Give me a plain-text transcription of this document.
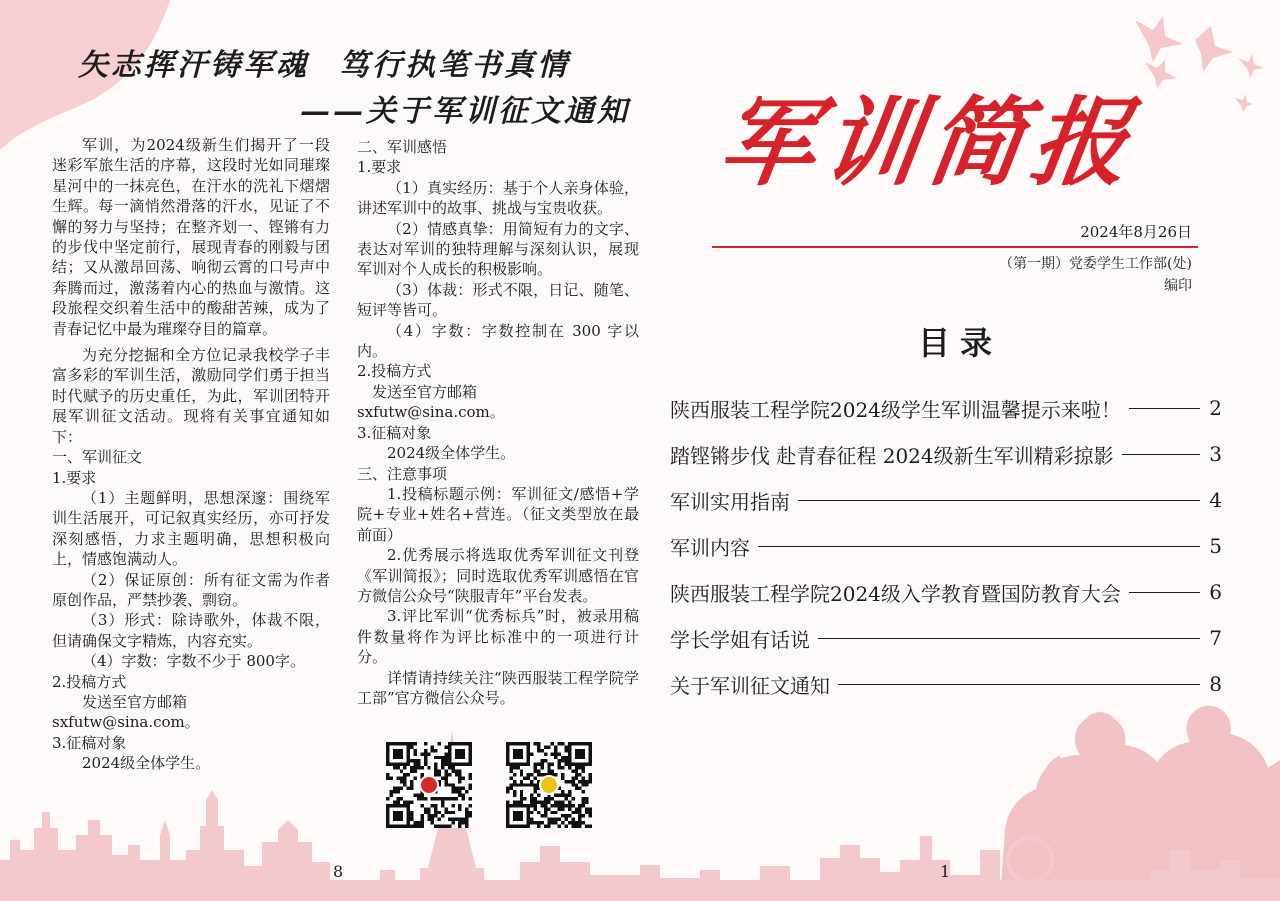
矢志挥汗铸军魂 笃行执笔书真情
——关于军训征文通知

军训，为2024级新生们揭开了一段迷彩军旅生活的序幕，这段时光如同璀璨星河中的一抹亮色，在汗水的洗礼下熠熠生辉。每一滴悄然滑落的汗水，见证了不懈的努力与坚持；在整齐划一、铿锵有力的步伐中坚定前行，展现青春的刚毅与团结；又从激昂回荡、响彻云霄的口号声中奔腾而过，激荡着内心的热血与激情。这段旅程交织着生活中的酸甜苦辣，成为了青春记忆中最为璀璨夺目的篇章。

为充分挖掘和全方位记录我校学子丰富多彩的军训生活，激励同学们勇于担当时代赋予的历史重任，为此，军训团特开展军训征文活动。现将有关事宜通知如下：

一、军训征文

1.要求

（1）主题鲜明，思想深邃：围绕军训生活展开，可记叙真实经历，亦可抒发深刻感悟，力求主题明确，思想积极向上，情感饱满动人。

（2）保证原创：所有征文需为作者原创作品，严禁抄袭、剽窃。

（3）形式：除诗歌外，体裁不限，但请确保文字精炼，内容充实。

（4）字数：字数不少于 800字。

2.投稿方式

发送至官方邮箱

sxfutw@sina.com。

3.征稿对象

2024级全体学生。

二、军训感悟

1.要求

（1）真实经历：基于个人亲身体验，讲述军训中的故事、挑战与宝贵收获。

（2）情感真挚：用简短有力的文字、表达对军训的独特理解与深刻认识，展现军训对个人成长的积极影响。

（3）体裁：形式不限，日记、随笔、短评等皆可。

（4）字数：字数控制在 300 字以内。

2.投稿方式

发送至官方邮箱

sxfutw@sina.com。

3.征稿对象

2024级全体学生。

三、注意事项

1.投稿标题示例：军训征文/感悟+学院+专业+姓名+营连。（征文类型放在最前面）

2.优秀展示将选取优秀军训征文刊登《军训简报》；同时选取优秀军训感悟在官方微信公众号“陕服青年”平台发表。

3.评比军训“优秀标兵”时，被录用稿件数量将作为评比标准中的一项进行计分。

详情请持续关注“陕西服装工程学院学工部”官方微信公众号。

8
军训简报
2024年8月26日
（第一期）党委学生工作部(处)
编印
目录
陕西服装工程学院2024级学生军训温馨提示来啦！	2
踏铿锵步伐 赴青春征程 2024级新生军训精彩掠影	3
军训实用指南	4
军训内容	5
陕西服装工程学院2024级入学教育暨国防教育大会	6
学长学姐有话说	7
关于军训征文通知	8
1
